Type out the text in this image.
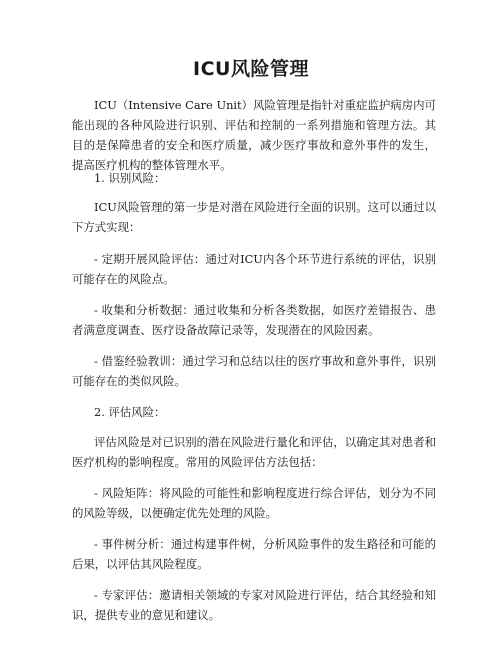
ICU风险管理

ICU（Intensive Care Unit）风险管理是指针对重症监护病房内可能出现的各种风险进行识别、评估和控制的一系列措施和管理方法。其目的是保障患者的安全和医疗质量，减少医疗事故和意外事件的发生，提高医疗机构的整体管理水平。

1. 识别风险：

ICU风险管理的第一步是对潜在风险进行全面的识别。这可以通过以下方式实现：

- 定期开展风险评估：通过对ICU内各个环节进行系统的评估，识别可能存在的风险点。

- 收集和分析数据：通过收集和分析各类数据，如医疗差错报告、患者满意度调查、医疗设备故障记录等，发现潜在的风险因素。

- 借鉴经验教训：通过学习和总结以往的医疗事故和意外事件，识别可能存在的类似风险。

2. 评估风险：

评估风险是对已识别的潜在风险进行量化和评估，以确定其对患者和医疗机构的影响程度。常用的风险评估方法包括：

- 风险矩阵：将风险的可能性和影响程度进行综合评估，划分为不同的风险等级，以便确定优先处理的风险。

- 事件树分析：通过构建事件树，分析风险事件的发生路径和可能的后果，以评估其风险程度。

- 专家评估：邀请相关领域的专家对风险进行评估，结合其经验和知识，提供专业的意见和建议。
